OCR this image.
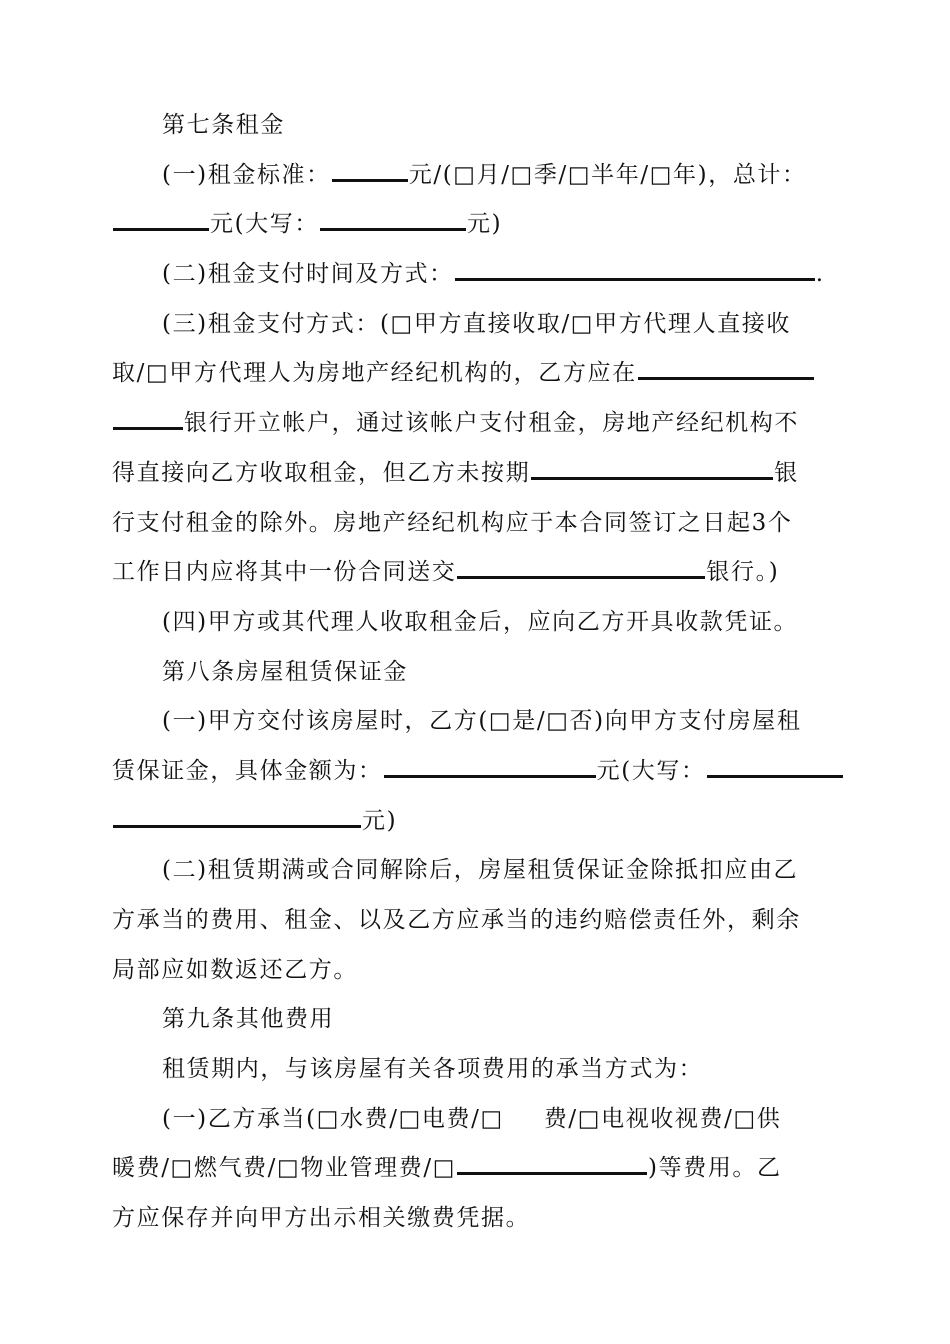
第七条租金
(一)租金标准：	元/(□月/□季/□半年/□年)，总计：
元(大写：	元)
(二)租金支付时间及方式：	.
(三)租金支付方式：(□甲方直接收取/□甲方代理人直接收
取/□甲方代理人为房地产经纪机构的，乙方应在
银行开立帐户，通过该帐户支付租金，房地产经纪机构不
得直接向乙方收取租金，但乙方未按期	银
行支付租金的除外。房地产经纪机构应于本合同签订之日起3个
工作日内应将其中一份合同送交	银行。)
(四)甲方或其代理人收取租金后，应向乙方开具收款凭证。
第八条房屋租赁保证金
(一)甲方交付该房屋时，乙方(□是/□否)向甲方支付房屋租
赁保证金，具体金额为：	元(大写：
元)
(二)租赁期满或合同解除后，房屋租赁保证金除抵扣应由乙
方承当的费用、租金、以及乙方应承当的违约赔偿责任外，剩余
局部应如数返还乙方。
第九条其他费用
租赁期内，与该房屋有关各项费用的承当方式为：
(一)乙方承当(□水费/□电费/□ 费/□电视收视费/□供
暖费/□燃气费/□物业管理费/□	)等费用。乙
方应保存并向甲方出示相关缴费凭据。
